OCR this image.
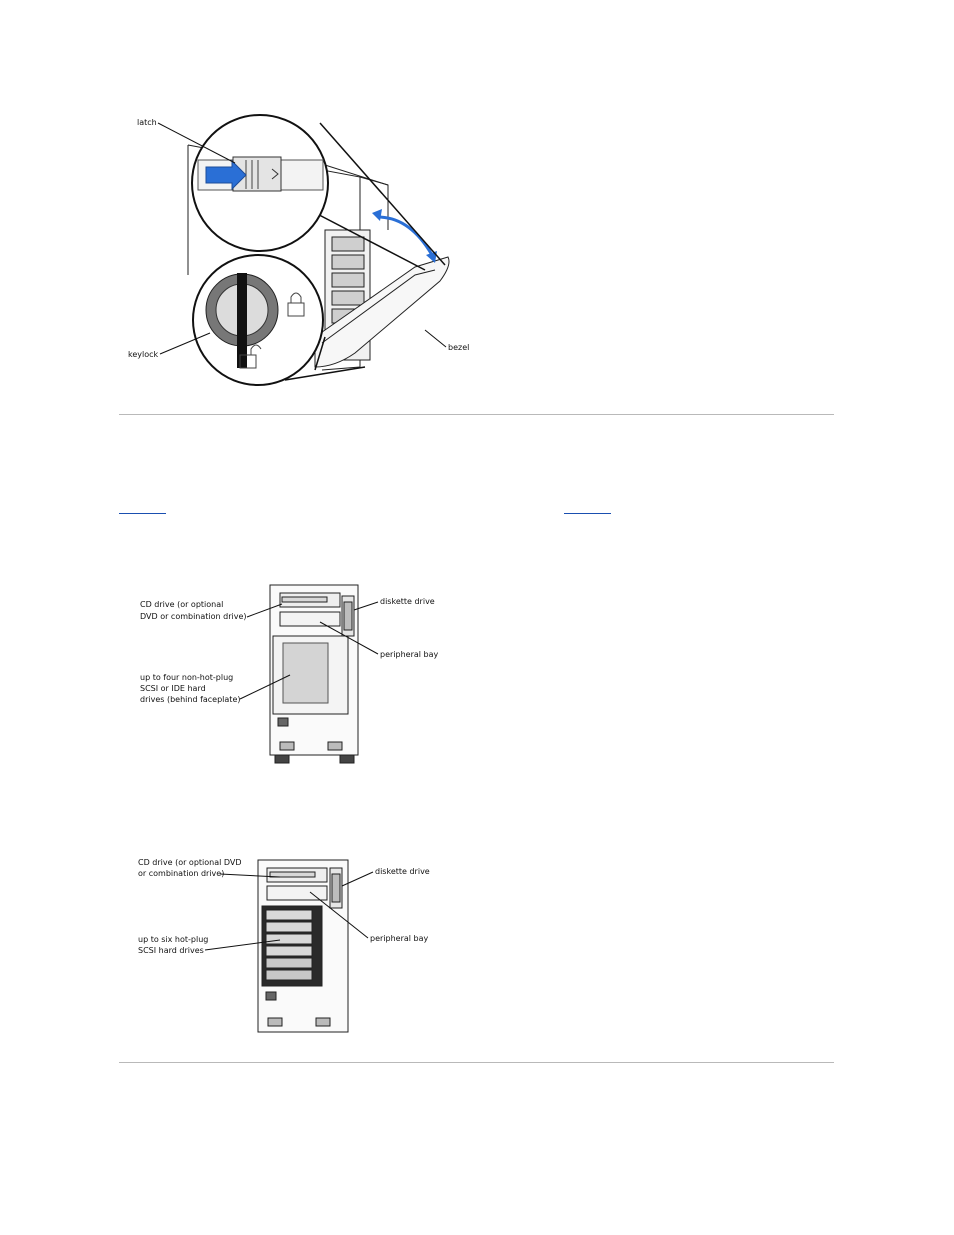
latch
keylock
bezel
CD drive (or optional
DVD or combination drive)
diskette drive
peripheral bay
up to four non-hot-plug
SCSI or IDE hard
drives (behind faceplate)
CD drive (or optional DVD
or combination drive)	diskette drive
peripheral bay
up to six hot-plug
SCSI hard drives
